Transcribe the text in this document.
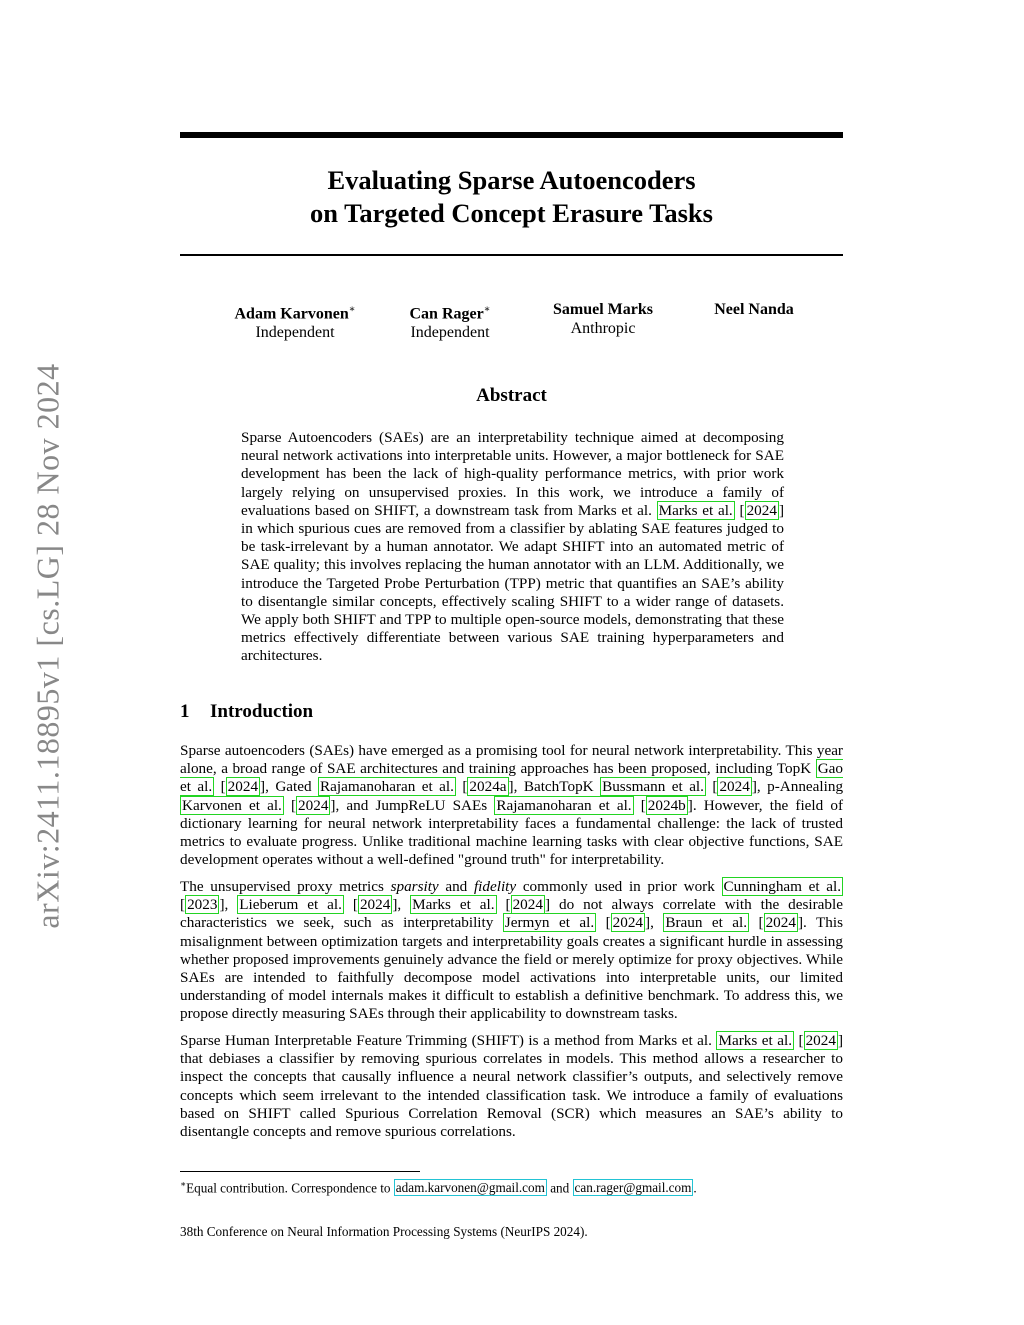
arXiv:2411.18895v1 [cs.LG] 28 Nov 2024
Evaluating Sparse Autoencoders
on Targeted Concept Erasure Tasks
Adam Karvonen∗
Independent
Can Rager∗
Independent
Samuel Marks
Anthropic
Neel Nanda
Abstract
Sparse Autoencoders (SAEs) are an interpretability technique aimed at decomposing neural network activations into interpretable units. However, a major bottleneck for SAE development has been the lack of high-quality performance metrics, with prior work largely relying on unsupervised proxies. In this work, we introduce a family of evaluations based on SHIFT, a downstream task from Marks et al. Marks et al. [ 2024 ] in which spurious cues are removed from a classifier by ablating SAE features judged to be task-irrelevant by a human annotator. We adapt SHIFT into an automated metric of SAE quality; this involves replacing the human annotator with an LLM. Additionally, we introduce the Targeted Probe Perturbation (TPP) metric that quantifies an SAE’s ability to disentangle similar concepts, effectively scaling SHIFT to a wider range of datasets. We apply both SHIFT and TPP to multiple open-source models, demonstrating that these metrics effectively differentiate between various SAE training hyperparameters and architectures.
1 Introduction

Sparse autoencoders (SAEs) have emerged as a promising tool for neural network interpretability. This year alone, a broad range of SAE architectures and training approaches has been proposed, including TopK Gao et al. [ 2024 ], Gated Rajamanoharan et al. [ 2024a ], BatchTopK Bussmann et al. [ 2024 ], p-Annealing Karvonen et al. [ 2024 ], and JumpReLU SAEs Rajamanoharan et al. [ 2024b ]. However, the field of dictionary learning for neural network interpretability faces a fundamental challenge: the lack of trusted metrics to evaluate progress. Unlike traditional machine learning tasks with clear objective functions, SAE development operates without a well-defined "ground truth" for interpretability.

The unsupervised proxy metrics sparsity and fidelity commonly used in prior work Cunningham et al. [ 2023 ], Lieberum et al. [ 2024 ], Marks et al. [ 2024 ] do not always correlate with the desirable characteristics we seek, such as interpretability Jermyn et al. [ 2024 ], Braun et al. [ 2024 ]. This misalignment between optimization targets and interpretability goals creates a significant hurdle in assessing whether proposed improvements genuinely advance the field or merely optimize for proxy objectives. While SAEs are intended to faithfully decompose model activations into interpretable units, our limited understanding of model internals makes it difficult to establish a definitive benchmark. To address this, we propose directly measuring SAEs through their applicability to downstream tasks.

Sparse Human Interpretable Feature Trimming (SHIFT) is a method from Marks et al. Marks et al. [ 2024 ] that debiases a classifier by removing spurious correlates in models. This method allows a researcher to inspect the concepts that causally influence a neural network classifier’s outputs, and selectively remove concepts which seem irrelevant to the intended classification task. We introduce a family of evaluations based on SHIFT called Spurious Correlation Removal (SCR) which measures an SAE’s ability to disentangle concepts and remove spurious correlations.

∗Equal contribution. Correspondence to adam.karvonen@gmail.com and can.rager@gmail.com .
38th Conference on Neural Information Processing Systems (NeurIPS 2024).
